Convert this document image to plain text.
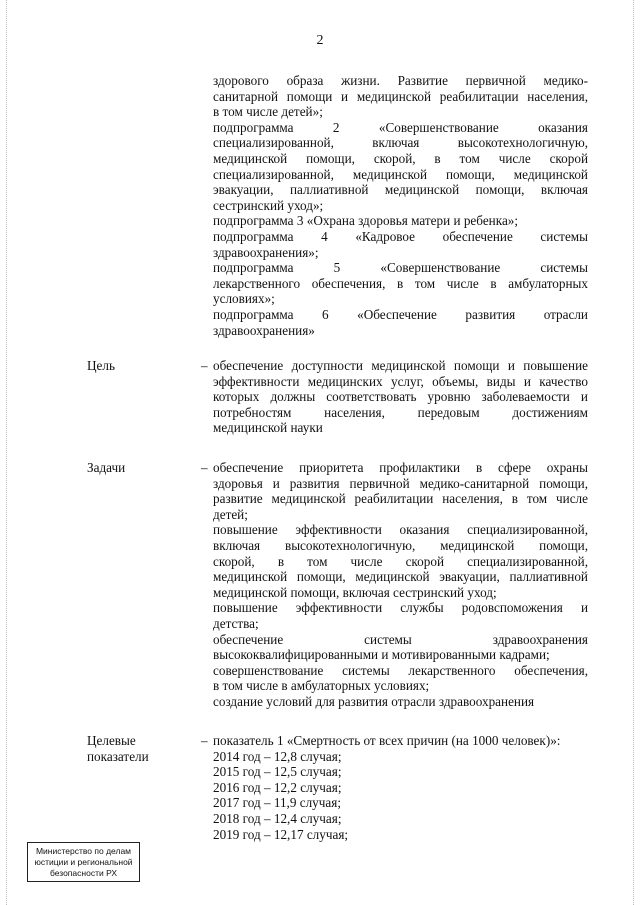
2
здорового образа жизни. Развитие первичной медико-
санитарной помощи и медицинской реабилитации населения,
в том числе детей»;
подпрограмма 2 «Совершенствование оказания
специализированной, включая высокотехнологичную,
медицинской помощи, скорой, в том числе скорой
специализированной, медицинской помощи, медицинской
эвакуации, паллиативной медицинской помощи, включая
сестринский уход»;
подпрограмма 3 «Охрана здоровья матери и ребенка»;
подпрограмма 4 «Кадровое обеспечение системы
здравоохранения»;
подпрограмма 5 «Совершенствование системы
лекарственного обеспечения, в том числе в амбулаторных
условиях»;
подпрограмма 6 «Обеспечение развития отрасли
здравоохранения»
Цель	– обеспечение доступности медицинской помощи и повышение
эффективности медицинских услуг, объемы, виды и качество
которых должны соответствовать уровню заболеваемости и
потребностям населения, передовым достижениям
медицинской науки
Задачи	– обеспечение приоритета профилактики в сфере охраны
здоровья и развития первичной медико-санитарной помощи,
развитие медицинской реабилитации населения, в том числе
детей;
повышение эффективности оказания специализированной,
включая высокотехнологичную, медицинской помощи,
скорой, в том числе скорой специализированной,
медицинской помощи, медицинской эвакуации, паллиативной
медицинской помощи, включая сестринский уход;
повышение эффективности службы родовспоможения и
детства;
обеспечение системы здравоохранения
высококвалифицированными и мотивированными кадрами;
совершенствование системы лекарственного обеспечения,
в том числе в амбулаторных условиях;
создание условий для развития отрасли здравоохранения
Целевые
показатели
– показатель 1 «Смертность от всех причин (на 1000 человек)»:
2014 год – 12,8 случая;
2015 год – 12,5 случая;
2016 год – 12,2 случая;
2017 год – 11,9 случая;
2018 год – 12,4 случая;
2019 год – 12,17 случая;
Министерство по делам
юстиции и региональной
безопасности РХ
